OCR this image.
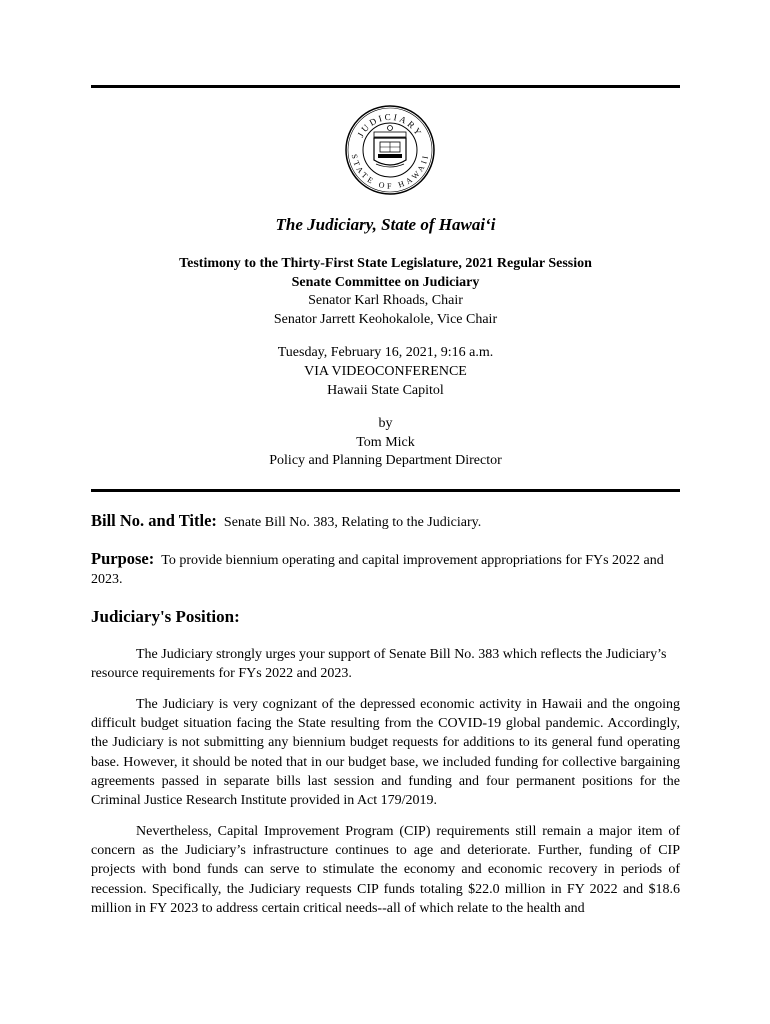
JUDICIARY
STATE OF HAWAII
The Judiciary, State of Hawai‘i
Testimony to the Thirty-First State Legislature, 2021 Regular Session
Senate Committee on Judiciary
Senator Karl Rhoads, Chair
Senator Jarrett Keohokalole, Vice Chair
Tuesday, February 16, 2021, 9:16 a.m.
VIA VIDEOCONFERENCE
Hawaii State Capitol
by
Tom Mick
Policy and Planning Department Director
Bill No. and Title: Senate Bill No. 383, Relating to the Judiciary.
Purpose: To provide biennium operating and capital improvement appropriations for FYs 2022 and 2023.
Judiciary's Position:

The Judiciary strongly urges your support of Senate Bill No. 383 which reflects the Judiciary’s resource requirements for FYs 2022 and 2023.

The Judiciary is very cognizant of the depressed economic activity in Hawaii and the ongoing difficult budget situation facing the State resulting from the COVID-19 global pandemic. Accordingly, the Judiciary is not submitting any biennium budget requests for additions to its general fund operating base. However, it should be noted that in our budget base, we included funding for collective bargaining agreements passed in separate bills last session and funding and four permanent positions for the Criminal Justice Research Institute provided in Act 179/2019.

Nevertheless, Capital Improvement Program (CIP) requirements still remain a major item of concern as the Judiciary’s infrastructure continues to age and deteriorate. Further, funding of CIP projects with bond funds can serve to stimulate the economy and economic recovery in periods of recession. Specifically, the Judiciary requests CIP funds totaling $22.0 million in FY 2022 and $18.6 million in FY 2023 to address certain critical needs--all of which relate to the health and
